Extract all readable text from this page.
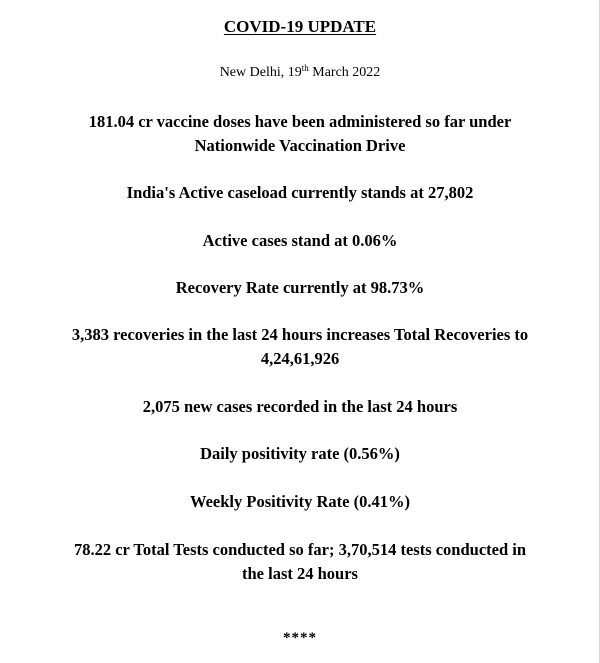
COVID-19 UPDATE
New Delhi, 19th March 2022
181.04 cr vaccine doses have been administered so far under
Nationwide Vaccination Drive
India's Active caseload currently stands at 27,802
Active cases stand at 0.06%
Recovery Rate currently at 98.73%
3,383 recoveries in the last 24 hours increases Total Recoveries to
4,24,61,926
2,075 new cases recorded in the last 24 hours
Daily positivity rate (0.56%)
Weekly Positivity Rate (0.41%)
78.22 cr Total Tests conducted so far; 3,70,514 tests conducted in
the last 24 hours
****
